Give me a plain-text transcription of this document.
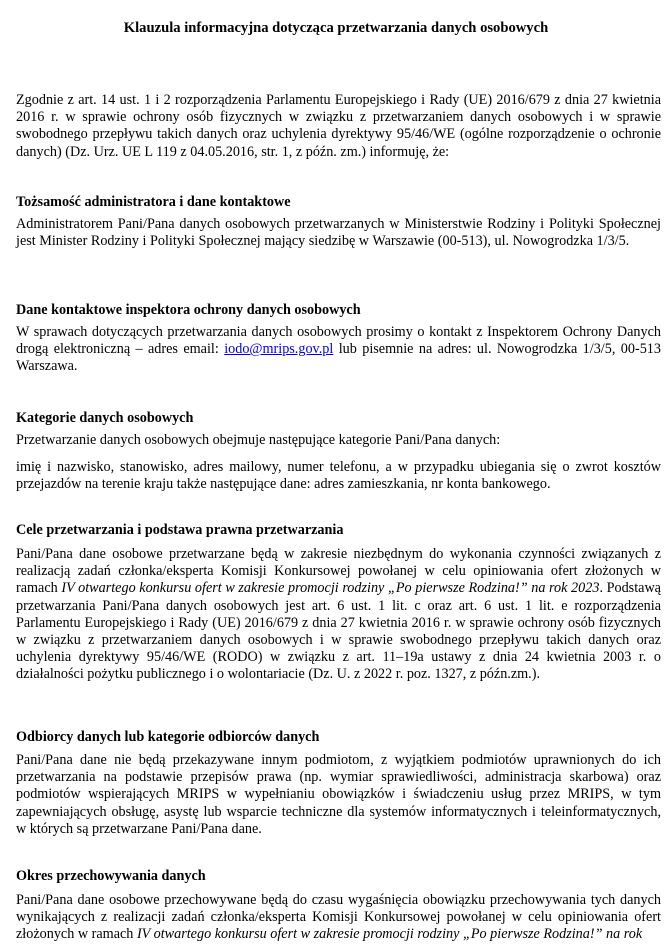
Klauzula informacyjna dotycząca przetwarzania danych osobowych
Zgodnie z art. 14 ust. 1 i 2 rozporządzenia Parlamentu Europejskiego i Rady (UE) 2016/679 z dnia 27 kwietnia 2016 r. w sprawie ochrony osób fizycznych w związku z przetwarzaniem danych osobowych i w sprawie swobodnego przepływu takich danych oraz uchylenia dyrektywy 95/46/WE (ogólne rozporządzenie o ochronie danych) (Dz. Urz. UE L 119 z 04.05.2016, str. 1, z późn. zm.) informuję, że:
Tożsamość administratora i dane kontaktowe
Administratorem Pani/Pana danych osobowych przetwarzanych w Ministerstwie Rodziny i Polityki Społecznej jest Minister Rodziny i Polityki Społecznej mający siedzibę w Warszawie (00-513), ul. Nowogrodzka 1/3/5.
Dane kontaktowe inspektora ochrony danych osobowych
W sprawach dotyczących przetwarzania danych osobowych prosimy o kontakt z Inspektorem Ochrony Danych drogą elektroniczną – adres email: iodo@mrips.gov.pl lub pisemnie na adres: ul. Nowogrodzka 1/3/5, 00-513 Warszawa.
Kategorie danych osobowych
Przetwarzanie danych osobowych obejmuje następujące kategorie Pani/Pana danych:
imię i nazwisko, stanowisko, adres mailowy, numer telefonu, a w przypadku ubiegania się o zwrot kosztów przejazdów na terenie kraju także następujące dane: adres zamieszkania, nr konta bankowego.
Cele przetwarzania i podstawa prawna przetwarzania
Pani/Pana dane osobowe przetwarzane będą w zakresie niezbędnym do wykonania czynności związanych z realizacją zadań członka/eksperta Komisji Konkursowej powołanej w celu opiniowania ofert złożonych w ramach IV otwartego konkursu ofert w zakresie promocji rodziny „Po pierwsze Rodzina!” na rok 2023. Podstawą przetwarzania Pani/Pana danych osobowych jest art. 6 ust. 1 lit. c oraz art. 6 ust. 1 lit. e rozporządzenia Parlamentu Europejskiego i Rady (UE) 2016/679 z dnia 27 kwietnia 2016 r. w sprawie ochrony osób fizycznych w związku z przetwarzaniem danych osobowych i w sprawie swobodnego przepływu takich danych oraz uchylenia dyrektywy 95/46/WE (RODO) w związku z art. 11–19a ustawy z dnia 24 kwietnia 2003 r. o działalności pożytku publicznego i o wolontariacie (Dz. U. z 2022 r. poz. 1327, z późn.zm.).
Odbiorcy danych lub kategorie odbiorców danych
Pani/Pana dane nie będą przekazywane innym podmiotom, z wyjątkiem podmiotów uprawnionych do ich przetwarzania na podstawie przepisów prawa (np. wymiar sprawiedliwości, administracja skarbowa) oraz podmiotów wspierających MRIPS w wypełnianiu obowiązków i świadczeniu usług przez MRIPS, w tym zapewniających obsługę, asystę lub wsparcie techniczne dla systemów informatycznych i teleinformatycznych, w których są przetwarzane Pani/Pana dane.
Okres przechowywania danych
Pani/Pana dane osobowe przechowywane będą do czasu wygaśnięcia obowiązku przechowywania tych danych wynikających z realizacji zadań członka/eksperta Komisji Konkursowej powołanej w celu opiniowania ofert złożonych w ramach IV otwartego konkursu ofert w zakresie promocji rodziny „Po pierwsze Rodzina!” na rok
